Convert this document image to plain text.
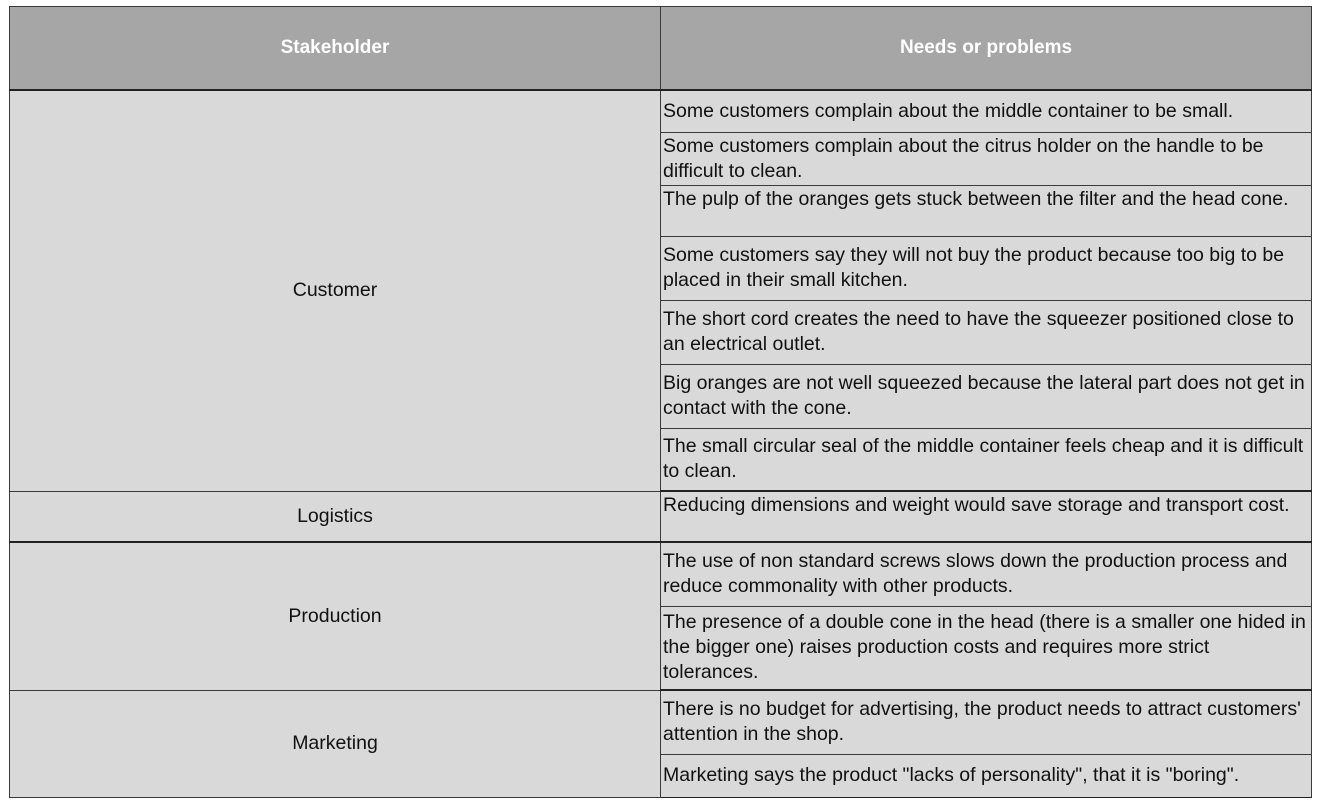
Stakeholder	Needs or problems
Customer	Some customers complain about the middle container to be small.
	Some customers complain about the citrus holder on the handle to be difficult to clean.
	The pulp of the oranges gets stuck between the filter and the head cone.
	Some customers say they will not buy the product because too big to be placed in their small kitchen.
	The short cord creates the need to have the squeezer positioned close to an electrical outlet.
	Big oranges are not well squeezed because the lateral part does not get in contact with the cone.
	The small circular seal of the middle container feels cheap and it is difficult to clean.
Logistics	Reducing dimensions and weight would save storage and transport cost.
Production	The use of non standard screws slows down the production process and reduce commonality with other products.
	The presence of a double cone in the head (there is a smaller one hided in the bigger one) raises production costs and requires more strict tolerances.
Marketing	There is no budget for advertising, the product needs to attract customers' attention in the shop.
	Marketing says the product "lacks of personality", that it is "boring".
